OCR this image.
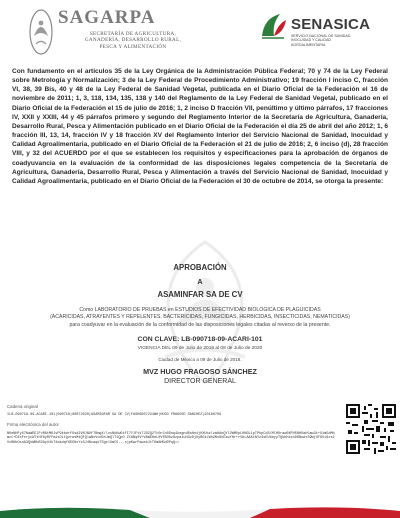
SAGARPA
SECRETARÍA DE AGRICULTURA,
GANADERÍA, DESARROLLO RURAL,
PESCA Y ALIMENTACIÓN
SENASICA
SERVICIO NACIONAL DE SANIDAD,
INOCUIDAD Y CALIDAD
AGROALIMENTARIA
Con fundamento en el artículos 35 de la Ley Orgánica de la Administración Pública Federal; 70 y 74 de la Ley Federal sobre Metrología y Normalización; 3 de la Ley Federal de Procedimiento Administrativo; 19 fracción I inciso C, fracción VI, 38, 39 Bis, 40 y 48 de la Ley Federal de Sanidad Vegetal, publicada en el Diario Oficial de la Federación el 16 de noviembre de 2011; 1, 3, 118, 134, 135, 138 y 140 del Reglamento de la Ley Federal de Sanidad Vegetal, publicado en el Diario Oficial de la Federación el 15 de julio de 2016; 1, 2 inciso D fracción VII, penúltimo y último párrafos, 17 fracciones IV, XXII y XXIII, 44 y 45 párrafos primero y segundo del Reglamento Interior de la Secretaría de Agricultura, Ganadería, Desarrollo Rural, Pesca y Alimentación publicado en el Diario Oficial de la Federación el día 25 de abril del año 2012; 1, 6 fracción III, 13, 14, fracción IV y 18 fracción XV del Reglamento Interior del Servicio Nacional de Sanidad, Inocuidad y Calidad Agroalimentaria, publicado en el Diario Oficial de la Federación el 21 de julio de 2016; 2, 6 inciso (d), 28 fracción VIII, y 32 del ACUERDO por el que se establecen los requisitos y especificaciones para la aprobación de órganos de coadyuvancia en la evaluación de la conformidad de las disposiciones legales competencia de la Secretaría de Agricultura, Ganadería, Desarrollo Rural, Pesca y Alimentación a través del Servicio Nacional de Sanidad, Inocuidad y Calidad Agroalimentaria, publicado en el Diario Oficial de la Federación el 30 de octubre de 2014, se otorga la presente:
APROBACIÓN
A
ASAMINFAR SA DE CV
Como LABORATORIO DE PRUEBAS en ESTUDIOS DE EFECTIVIDAD BIOLOGICA DE PLAGUICIDAS
(ACARICIDAS, ATRAYENTES Y REPELENTES, BACTERICIDAS, FUNGICIDAS, HERBICIDAS, INSECTICIDAS, NEMATICIDAS)
para coadyuvar en la evaluación de la conformidad de las disposiciones legales citadas al reverso de la presente.
CON CLAVE: LB-090718-09-ACARI-101
VIGENCIA DEL 09 de Julio de 2018 al 08 de Julio de 2020
Ciudad de México a 09 de Julio de 2018.
MVZ HUGO FRAGOSO SÁNCHEZ
DIRECTOR GENERAL
Cadena original
ILB-090718-09-ACARI-101|090718|08072020|ASAMINFAR SA DE CV|FASH6607224WH|HUGO FRAGOSO SÁNCHEZ|20180709
Firma electrónica del autor
NKeNHFyX7NaWEEJFvR6tMKJvP9kbdrFOsd2VNJNOf7BmgX/lvsNkKwGtFI7YJFtkTJDZQ2TtOnlh0Dnq4kegndRoHn4jHXUbzlzwHAnQYl2WMVpLHNGL1pTPhpCdS/MlHOraw0XPH5NHOah5aw3t+X1m5dMbmcC+DZxFxrytWTtHf6yRfFmisOLtQzrwsMtQFQlwBsVcdGhJmQlT1QpO ZC6Bq0V+VAWEHeL0VfBO6z9zpatuH3zDjXyBGtLWh2Ns0kEzwYHr+rVbLAAXtNYz4sEUtmyyTQkbhkshD6BoAtS9WjUf6Vi9xs2VcBHbOsnA3QkWHbR2AyU4kT4dadqfXE5NxYxGJ4NcaqkTSgzlXmC5...sjpKwrPawsbJtT6mAHGdDPqQ==
